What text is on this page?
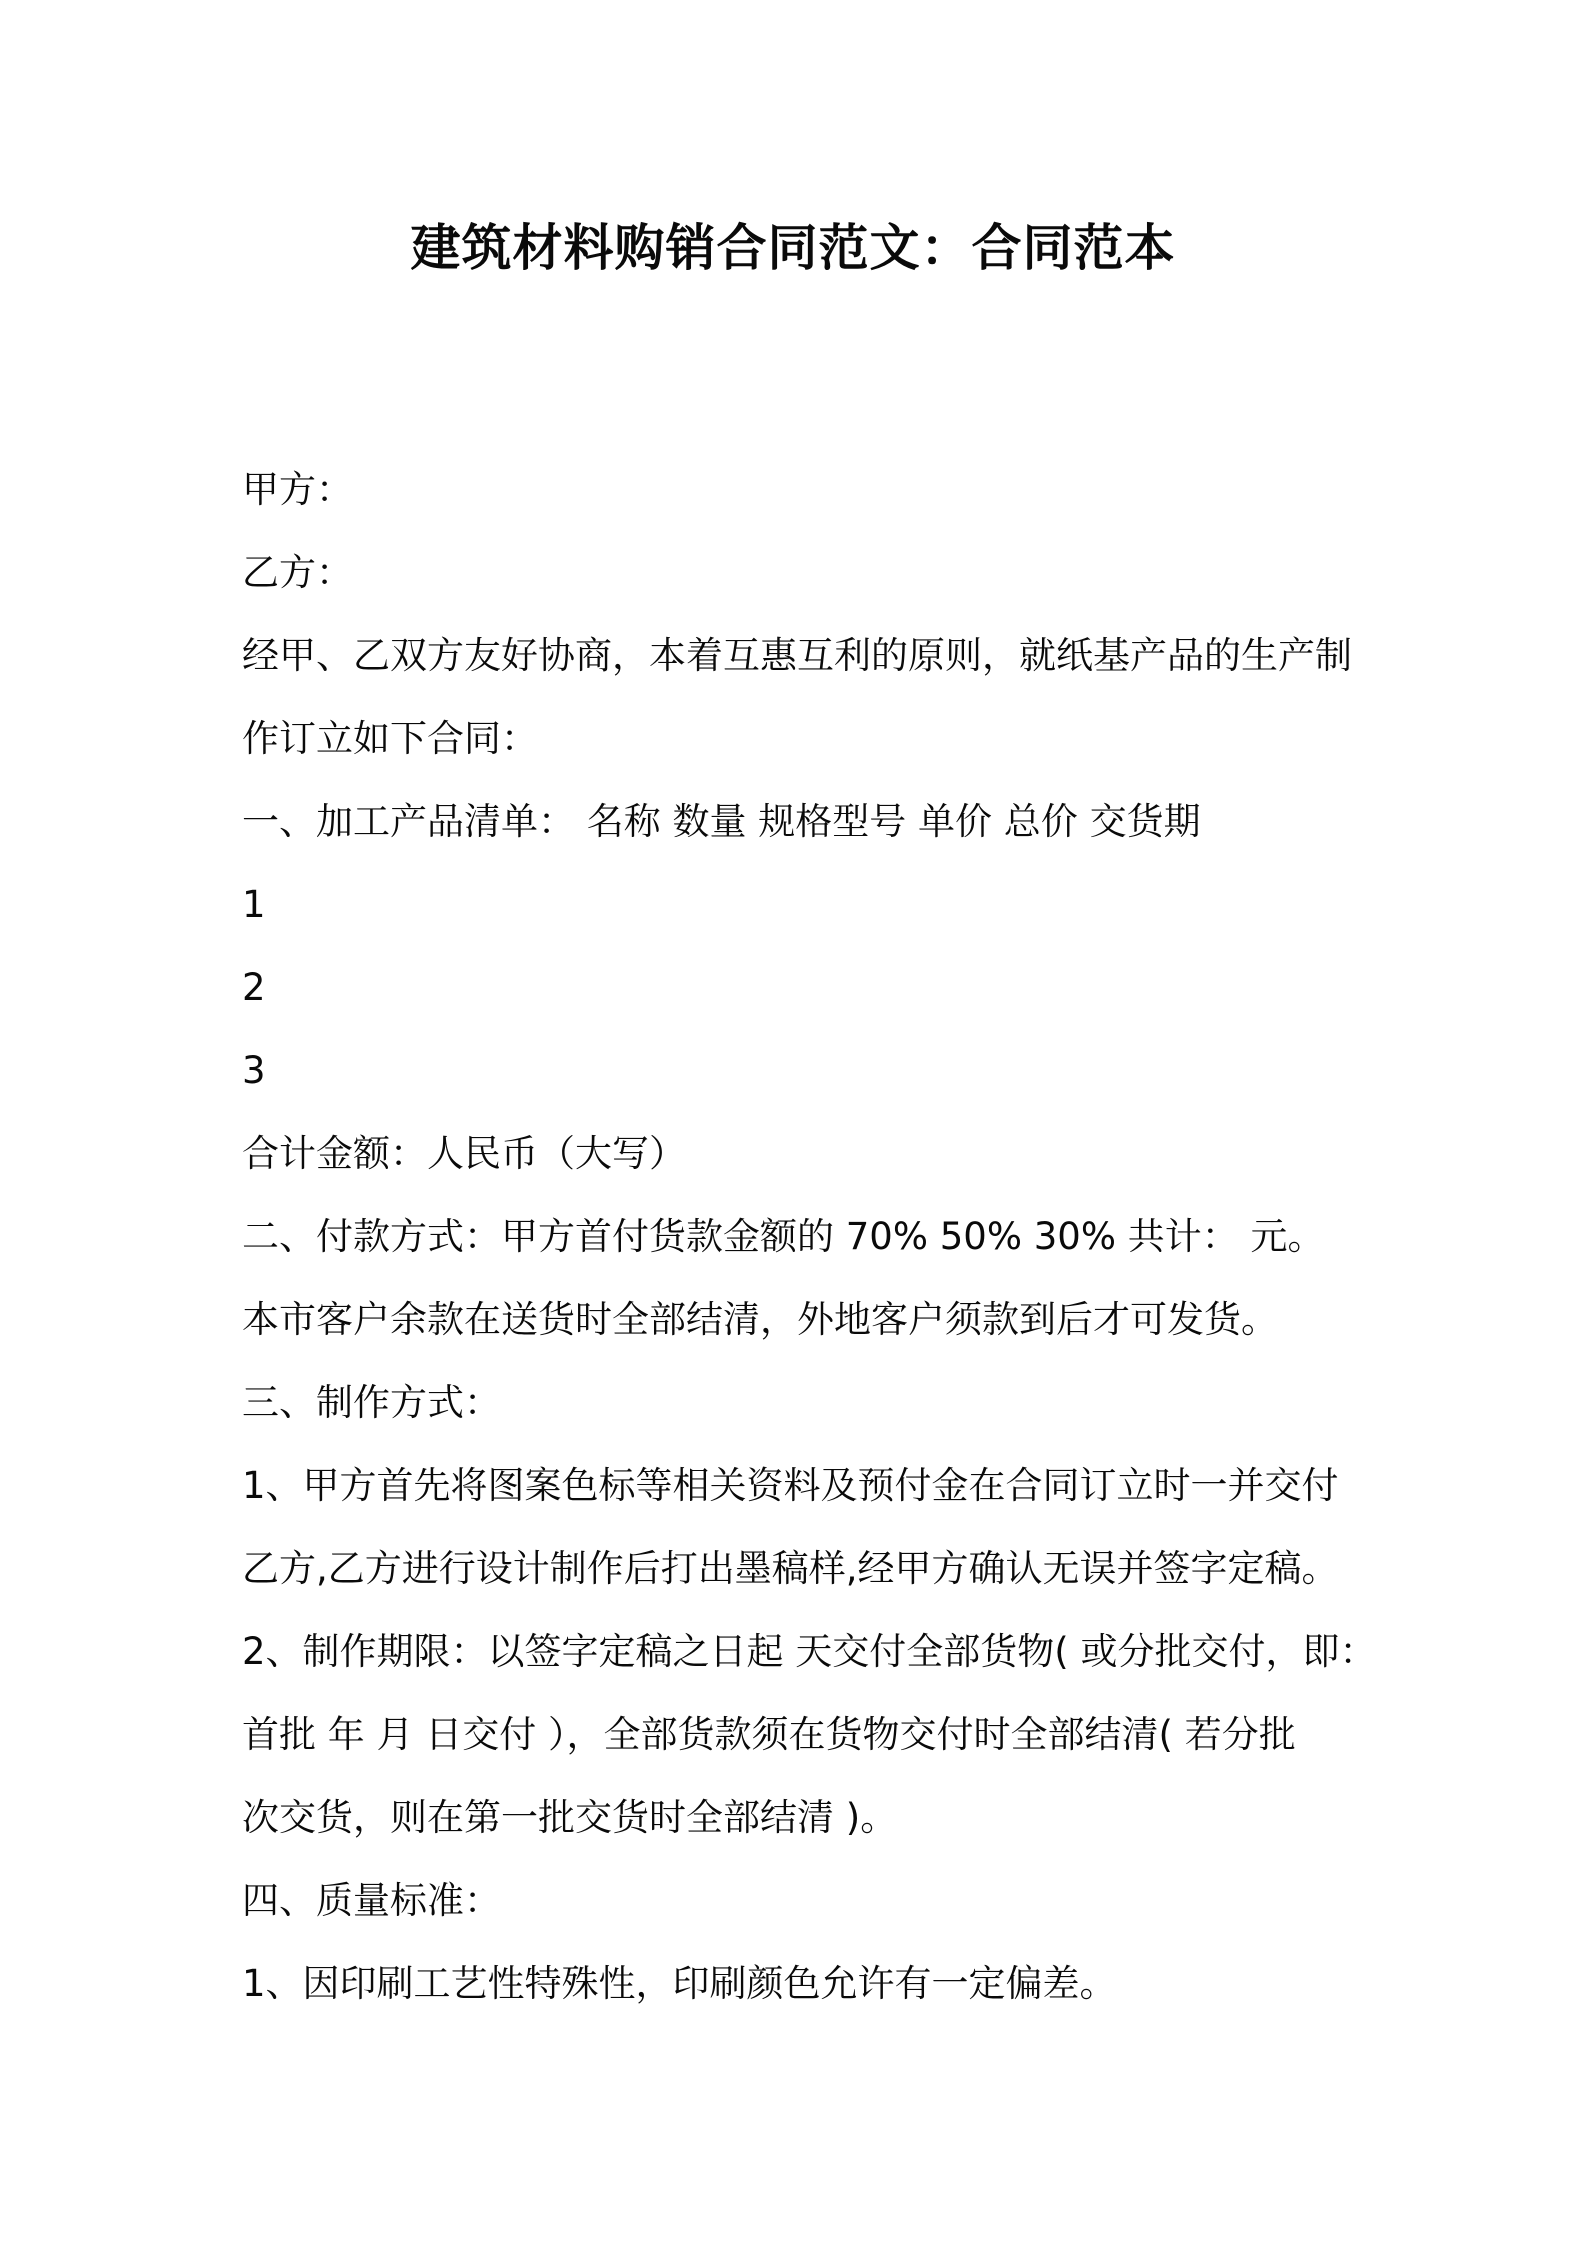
建筑材料购销合同范文：合同范本

甲方：

乙方：

经甲、乙双方友好协商，本着互惠互利的原则，就纸基产品的生产制

作订立如下合同：

一、加工产品清单： 名称 数量 规格型号 单价 总价 交货期

1

2

3

合计金额：人民币（大写）

二、付款方式：甲方首付货款金额的 70% 50% 30% 共计： 元。

本市客户余款在送货时全部结清，外地客户须款到后才可发货。

三、制作方式：

1、甲方首先将图案色标等相关资料及预付金在合同订立时一并交付

乙方,乙方进行设计制作后打出墨稿样,经甲方确认无误并签字定稿。

2、制作期限：以签字定稿之日起 天交付全部货物( 或分批交付，即：

首批 年 月 日交付 ），全部货款须在货物交付时全部结清( 若分批

次交货，则在第一批交货时全部结清 )。

四、质量标准：

1、因印刷工艺性特殊性，印刷颜色允许有一定偏差。
